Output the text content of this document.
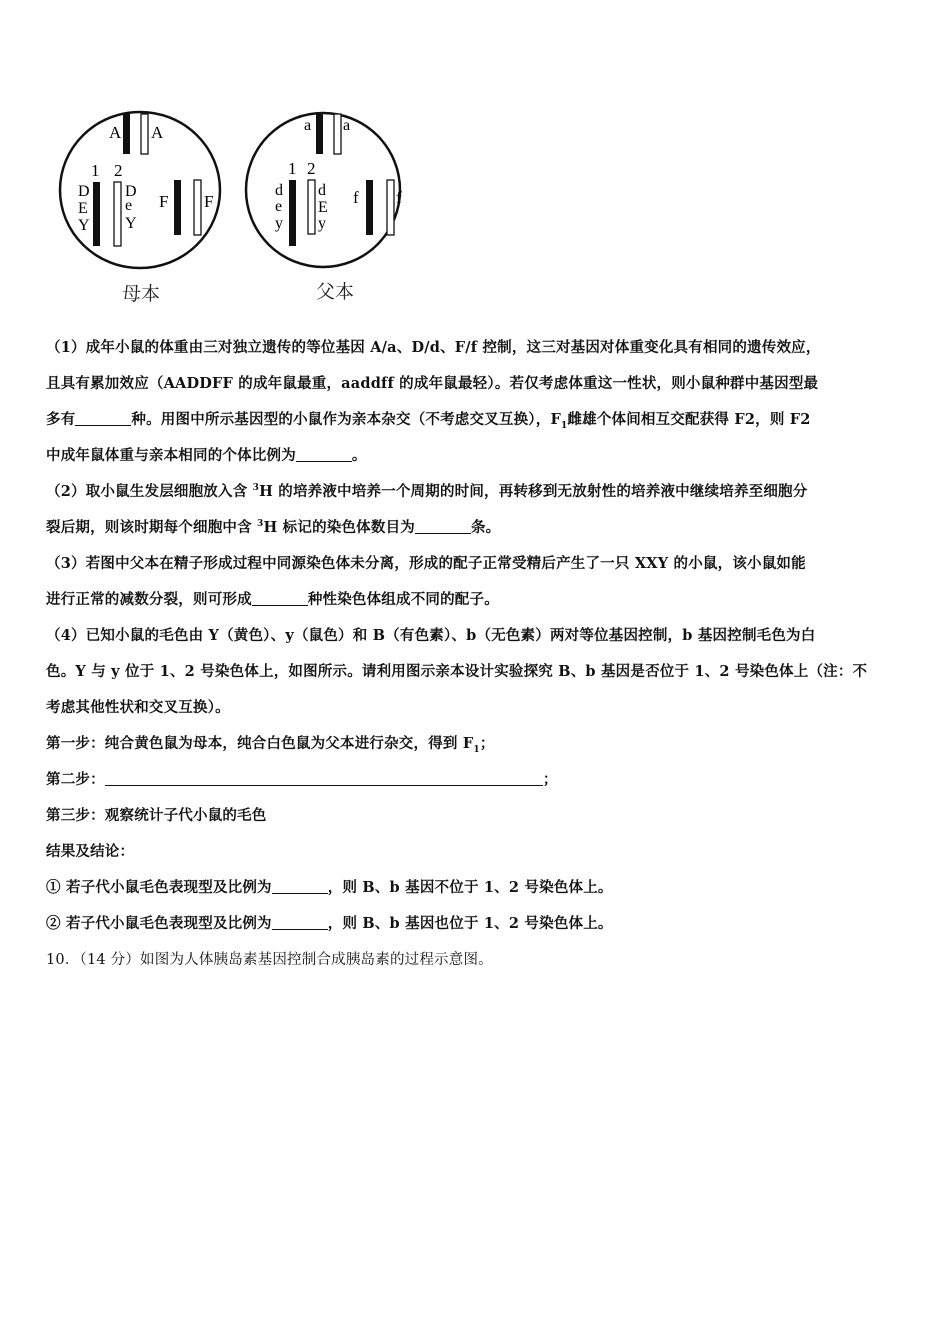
A A
1 2
D
E
Y
D
e
Y
F F
母本
a a
1 2
d
e
y
d
E
y
f f
父本
（1）成年小鼠的体重由三对独立遗传的等位基因 A/a、D/d、F/f 控制，这三对基因对体重变化具有相同的遗传效应，
且具有累加效应（AADDFF 的成年鼠最重，aaddff 的成年鼠最轻）。若仅考虑体重这一性状，则小鼠种群中基因型最
多有	种。用图中所示基因型的小鼠作为亲本杂交（不考虑交叉互换），$F_1$雌雄个体间相互交配获得 F2，则 F2
中成年鼠体重与亲本相同的个体比例为	。
（2）取小鼠生发层细胞放入含 $^3$H 的培养液中培养一个周期的时间，再转移到无放射性的培养液中继续培养至细胞分
裂后期，则该时期每个细胞中含 $^3$H 标记的染色体数目为	条。
（3）若图中父本在精子形成过程中同源染色体未分离，形成的配子正常受精后产生了一只 XXY 的小鼠，该小鼠如能
进行正常的减数分裂，则可形成	种性染色体组成不同的配子。
（4）已知小鼠的毛色由 Y（黄色）、y（鼠色）和 B（有色素）、b（无色素）两对等位基因控制，b 基因控制毛色为白
色。Y 与 y 位于 1、2 号染色体上，如图所示。请利用图示亲本设计实验探究 B、b 基因是否位于 1、2 号染色体上（注：不
考虑其他性状和交叉互换）。
第一步：纯合黄色鼠为母本，纯合白色鼠为父本进行杂交，得到 $F_1$；
第二步：	；
第三步：观察统计子代小鼠的毛色
结果及结论：
① 若子代小鼠毛色表现型及比例为	，则 B、b 基因不位于 1、2 号染色体上。
② 若子代小鼠毛色表现型及比例为	，则 B、b 基因也位于 1、2 号染色体上。
10．（14 分）如图为人体胰岛素基因控制合成胰岛素的过程示意图。
